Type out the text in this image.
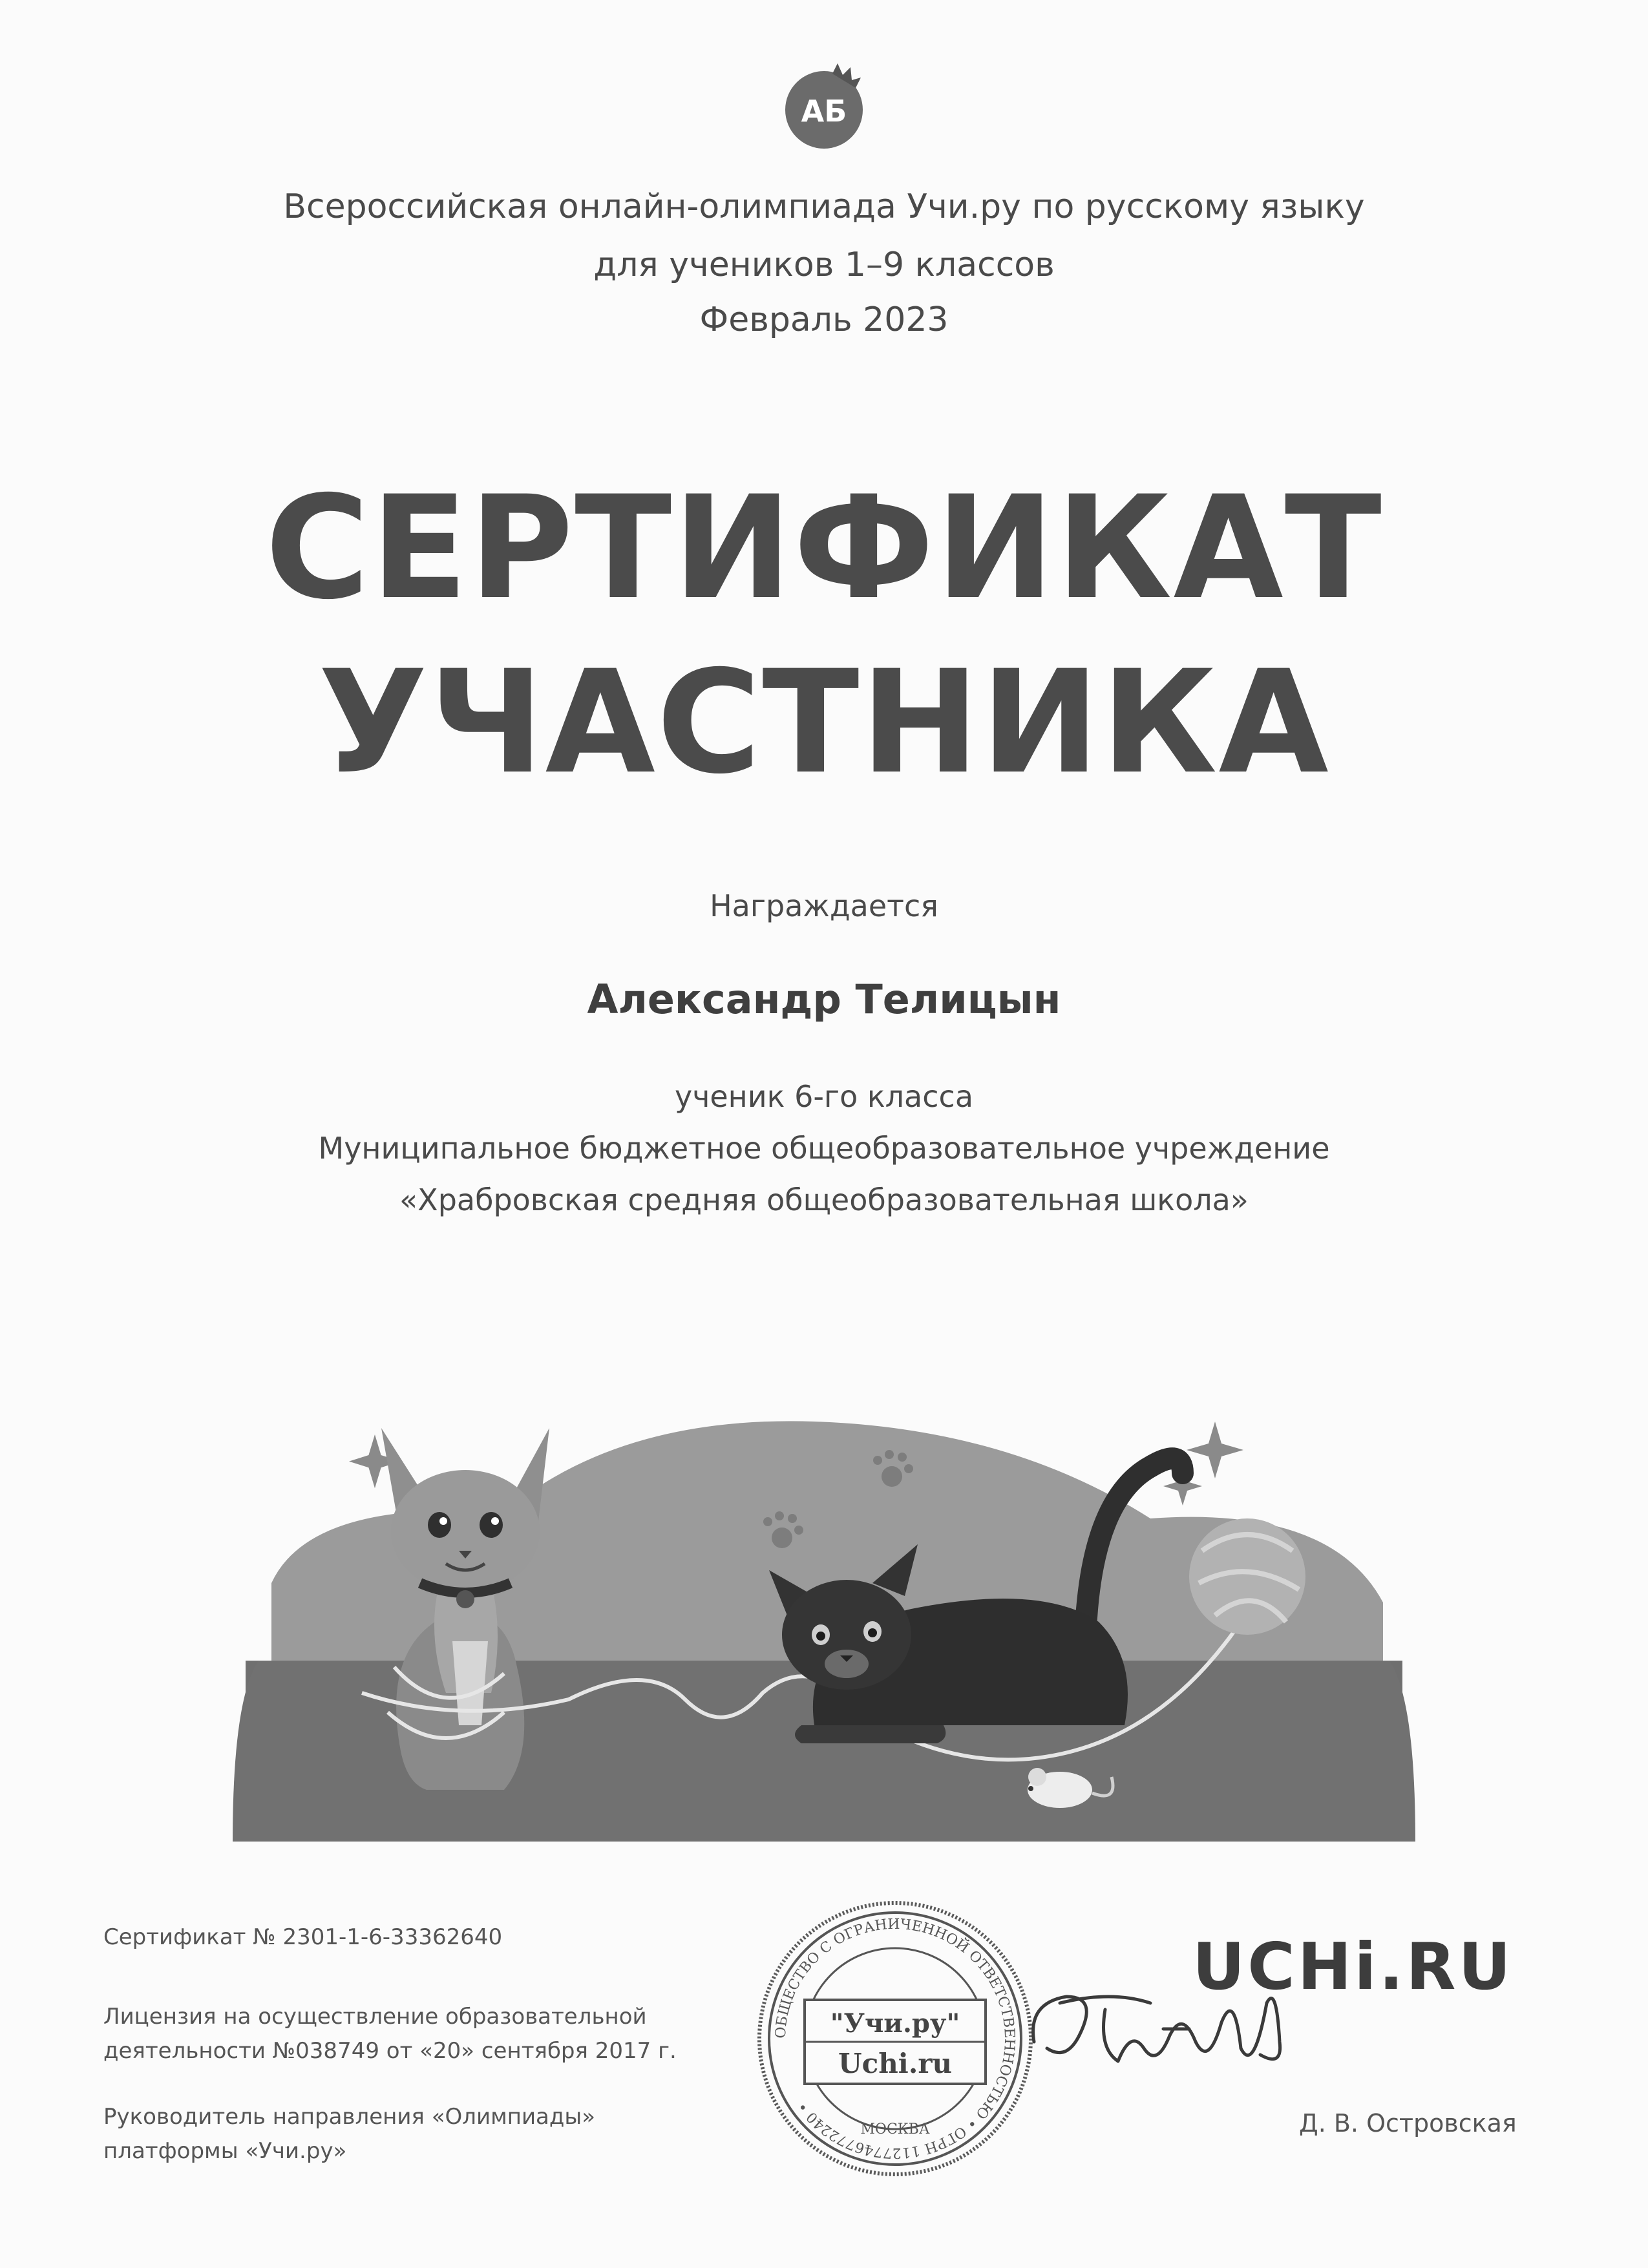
АБ
Всероссийская онлайн-олимпиада Учи.ру по русскому языку
для учеников 1–9 классов
Февраль 2023
СЕРТИФИКАТ
УЧАСТНИКА
Награждается
Александр Телицын
ученик 6-го класса
Муниципальное бюджетное общеобразовательное учреждение
«Храбровская средняя общеобразовательная школа»
Сертификат № 2301-1-6-33362640
Лицензия на осуществление образовательной
деятельности №038749 от «20» сентября 2017 г.
Руководитель направления «Олимпиады»
платформы «Учи.ру»
UCHi.RU
ОБЩЕСТВО С ОГРАНИЧЕННОЙ ОТВЕТСТВЕННОСТЬЮ • ОГРН 1127746772240 •
"Учи.ру"
Uchi.ru
МОСКВА	Д. В. Островская
